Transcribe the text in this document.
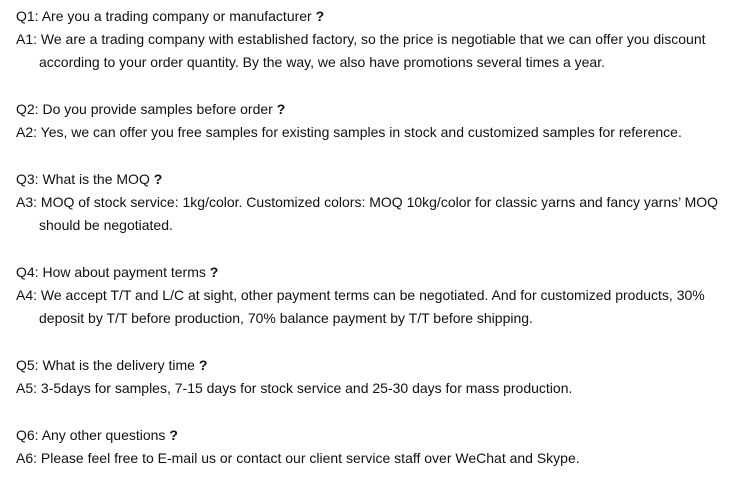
Q1: Are you a trading company or manufacturer ?
A1: We are a trading company with established factory, so the price is negotiable that we can offer you discount
according to your order quantity. By the way, we also have promotions several times a year.
Q2: Do you provide samples before order ?
A2: Yes, we can offer you free samples for existing samples in stock and customized samples for reference.
Q3: What is the MOQ ?
A3: MOQ of stock service: 1kg/color. Customized colors: MOQ 10kg/color for classic yarns and fancy yarns’ MOQ
should be negotiated.
Q4: How about payment terms ?
A4: We accept T/T and L/C at sight, other payment terms can be negotiated. And for customized products, 30%
deposit by T/T before production, 70% balance payment by T/T before shipping.
Q5: What is the delivery time ?
A5: 3-5days for samples, 7-15 days for stock service and 25-30 days for mass production.
Q6: Any other questions ?
A6: Please feel free to E-mail us or contact our client service staff over WeChat and Skype.
